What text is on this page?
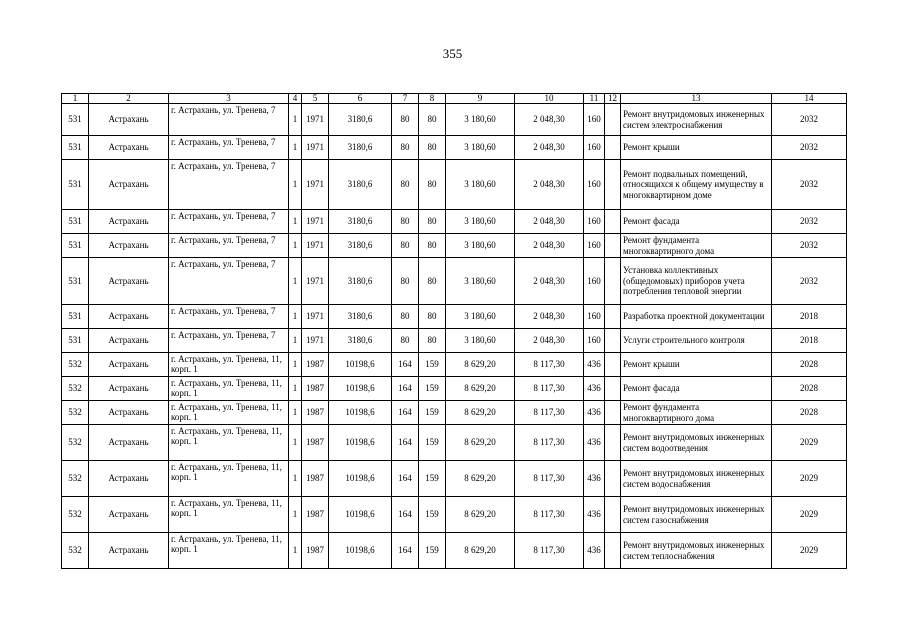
355
1	2	3	4	5	6	7	8	9	10	11	12	13	14
531	Астрахань	г. Астрахань, ул. Тренева, 7	1	1971	3180,6	80	80	3 180,60	2 048,30	160		Ремонт внутридомовых инженерных систем электроснабжения	2032
531	Астрахань	г. Астрахань, ул. Тренева, 7	1	1971	3180,6	80	80	3 180,60	2 048,30	160		Ремонт крыши	2032
531	Астрахань	г. Астрахань, ул. Тренева, 7	1	1971	3180,6	80	80	3 180,60	2 048,30	160		Ремонт подвальных помещений, относящихся к общему имуществу в многоквартирном доме	2032
531	Астрахань	г. Астрахань, ул. Тренева, 7	1	1971	3180,6	80	80	3 180,60	2 048,30	160		Ремонт фасада	2032
531	Астрахань	г. Астрахань, ул. Тренева, 7	1	1971	3180,6	80	80	3 180,60	2 048,30	160		Ремонт фундамента многоквартирного дома	2032
531	Астрахань	г. Астрахань, ул. Тренева, 7	1	1971	3180,6	80	80	3 180,60	2 048,30	160		Установка коллективных (общедомовых) приборов учета потребления тепловой энергии	2032
531	Астрахань	г. Астрахань, ул. Тренева, 7	1	1971	3180,6	80	80	3 180,60	2 048,30	160		Разработка проектной документации	2018
531	Астрахань	г. Астрахань, ул. Тренева, 7	1	1971	3180,6	80	80	3 180,60	2 048,30	160		Услуги строительного контроля	2018
532	Астрахань	г. Астрахань, ул. Тренева, 11, корп. 1	1	1987	10198,6	164	159	8 629,20	8 117,30	436		Ремонт крыши	2028
532	Астрахань	г. Астрахань, ул. Тренева, 11, корп. 1	1	1987	10198,6	164	159	8 629,20	8 117,30	436		Ремонт фасада	2028
532	Астрахань	г. Астрахань, ул. Тренева, 11, корп. 1	1	1987	10198,6	164	159	8 629,20	8 117,30	436		Ремонт фундамента многоквартирного дома	2028
532	Астрахань	г. Астрахань, ул. Тренева, 11, корп. 1	1	1987	10198,6	164	159	8 629,20	8 117,30	436		Ремонт внутридомовых инженерных систем водоотведения	2029
532	Астрахань	г. Астрахань, ул. Тренева, 11, корп. 1	1	1987	10198,6	164	159	8 629,20	8 117,30	436		Ремонт внутридомовых инженерных систем водоснабжения	2029
532	Астрахань	г. Астрахань, ул. Тренева, 11, корп. 1	1	1987	10198,6	164	159	8 629,20	8 117,30	436		Ремонт внутридомовых инженерных систем газоснабжения	2029
532	Астрахань	г. Астрахань, ул. Тренева, 11, корп. 1	1	1987	10198,6	164	159	8 629,20	8 117,30	436		Ремонт внутридомовых инженерных систем теплоснабжения	2029
